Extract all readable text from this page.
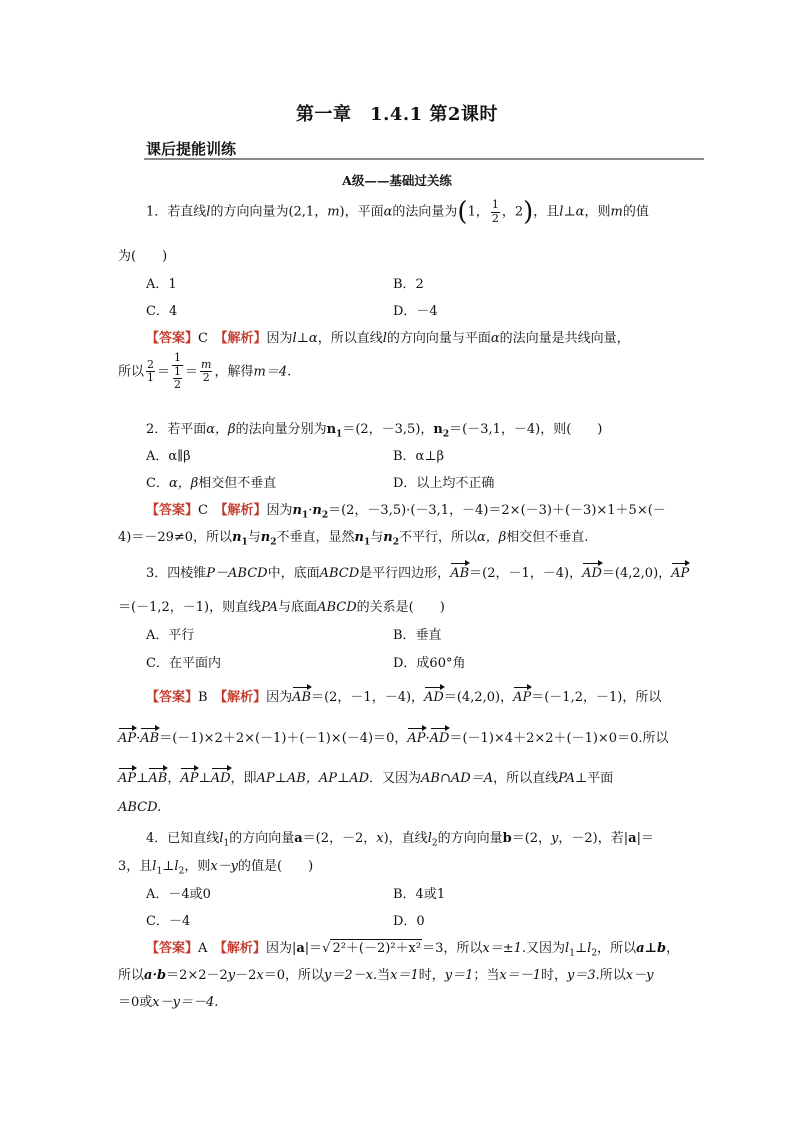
第一章　1.4.1 第2课时
课后提能训练
A级——基础过关练
1．若直线l的方向向量为(2,1，m)，平面α的法向量为(1， $\frac{1}{2}$ ，2)，且l⊥α，则m的值
为(　　)
A．1	B．2
C．4	D．－4
【答案】C　 【解析】因为l⊥α，所以直线l的方向向量与平面α的法向量是共线向量，
所以 $\frac{2}{1} = \frac{1}{\frac{1}{2}} = \frac{m}{2}$ ，解得m＝4.
2．若平面α，β的法向量分别为$n_1=(2$，－3,5)，$n_2=(-3,1$，－4)，则(　　)
A．α∥β	B．α⊥β
C．α，β相交但不垂直	D．以上均不正确
【答案】C　 【解析】因为$n_1\cdot n_2=(2$，－3,5)·(－3,1，－4)＝2×(－3)＋(－3)×1＋5×(－
4)＝－29≠0，所以$n_1$与$n_2$不垂直，显然$n_1$与$n_2$不平行，所以α，β相交但不垂直.
3．四棱锥P－ABCD中，底面ABCD是平行四边形，AB＝(2，－1，－4)，AD＝(4,2,0)，AP
＝(－1,2，－1)，则直线PA与底面ABCD的关系是(　　)
A．平行	B．垂直
C．在平面内	D．成60°角
【答案】B　 【解析】因为AB＝(2，－1，－4)，AD＝(4,2,0)，AP＝(－1,2，－1)，所以
AP·AB＝(－1)×2＋2×(－1)＋(－1)×(－4)＝0，AP·AD＝(－1)×4＋2×2＋(－1)×0＝0.所以
AP⊥AB，AP⊥AD，即AP⊥AB，AP⊥AD．又因为AB∩AD＝A，所以直线PA⊥平面
ABCD.
4．已知直线$l_1$的方向向量a＝(2，－2，x)，直线$l_2$的方向向量b＝(2，y，－2)，若|a|＝
3，且$l_1\perp l_2$，则x－y的值是(　　)
A．－4或0	B．4或1
C．－4	D．0
【答案】A　 【解析】因为|a|＝√ 2²＋(－2)²＋x²＝3，所以x＝±1.又因为$l_1\perp l_2$，所以a⊥b，
所以a·b＝2×2－2y－2x＝0，所以y＝2－x.当x＝1时，y＝1；当x＝－1时，y＝3.所以x－y
＝0或x－y＝－4.
